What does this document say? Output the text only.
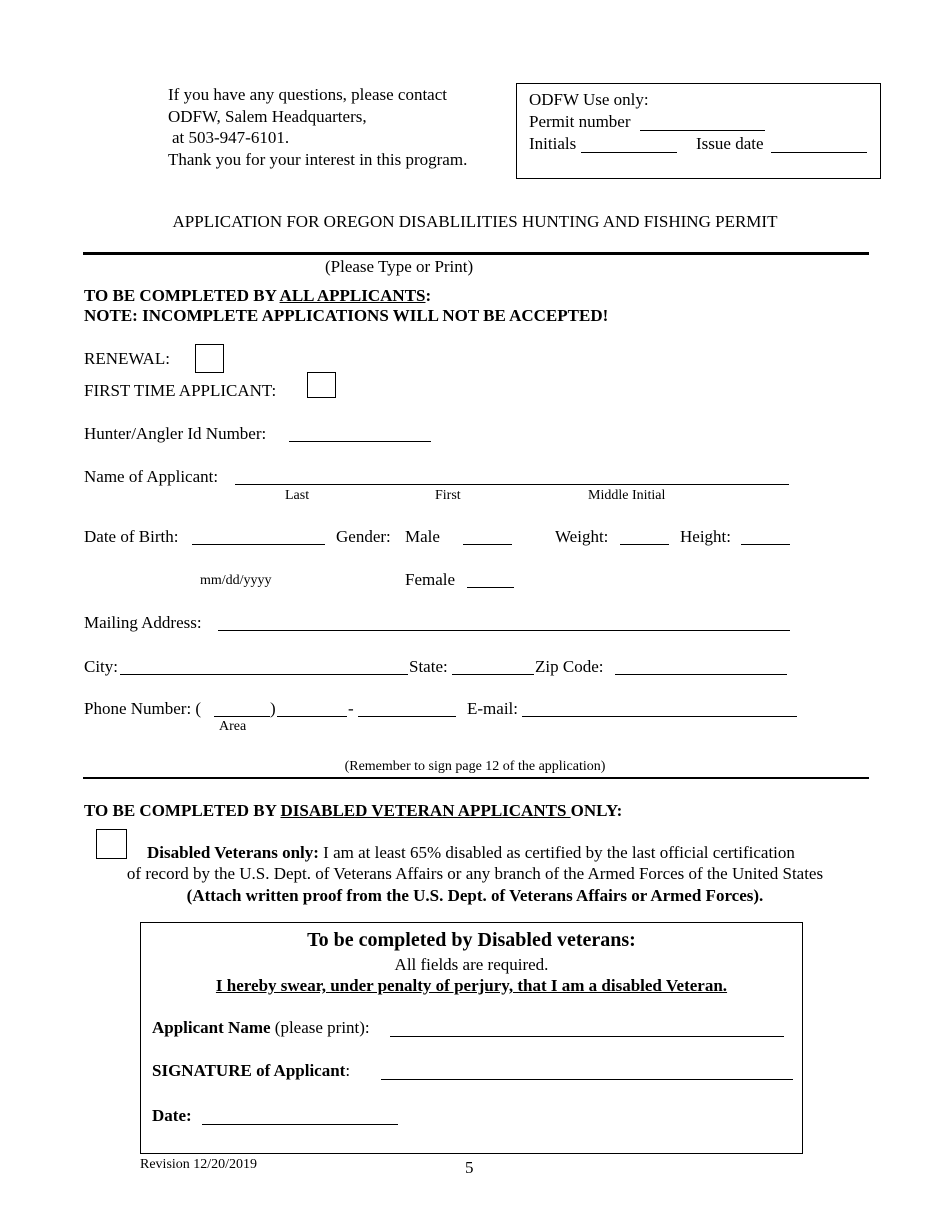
If you have any questions, please contact
ODFW, Salem Headquarters,
at 503-947-6101.
Thank you for your interest in this program.
ODFW Use only:
Permit number
Initials	Issue date
APPLICATION FOR OREGON DISABLILITIES HUNTING AND FISHING PERMIT
(Please Type or Print)
TO BE COMPLETED BY ALL APPLICANTS:
NOTE: INCOMPLETE APPLICATIONS WILL NOT BE ACCEPTED!
RENEWAL:
FIRST TIME APPLICANT:
Hunter/Angler Id Number:
Name of Applicant:
Last	First	Middle Initial
Date of Birth:	Gender: Male	Weight:	Height:
mm/dd/yyyy	Female
Mailing Address:
City:	State:	Zip Code:
Phone Number: (	)	-	E-mail:
Area
(Remember to sign page 12 of the application)
TO BE COMPLETED BY DISABLED VETERAN APPLICANTS ONLY:
Disabled Veterans only: I am at least 65% disabled as certified by the last official certification
of record by the U.S. Dept. of Veterans Affairs or any branch of the Armed Forces of the United States
(Attach written proof from the U.S. Dept. of Veterans Affairs or Armed Forces).
To be completed by Disabled veterans:
All fields are required.
I hereby swear, under penalty of perjury, that I am a disabled Veteran.
Applicant Name (please print):
SIGNATURE of Applicant:
Date:
Revision 12/20/2019	5
